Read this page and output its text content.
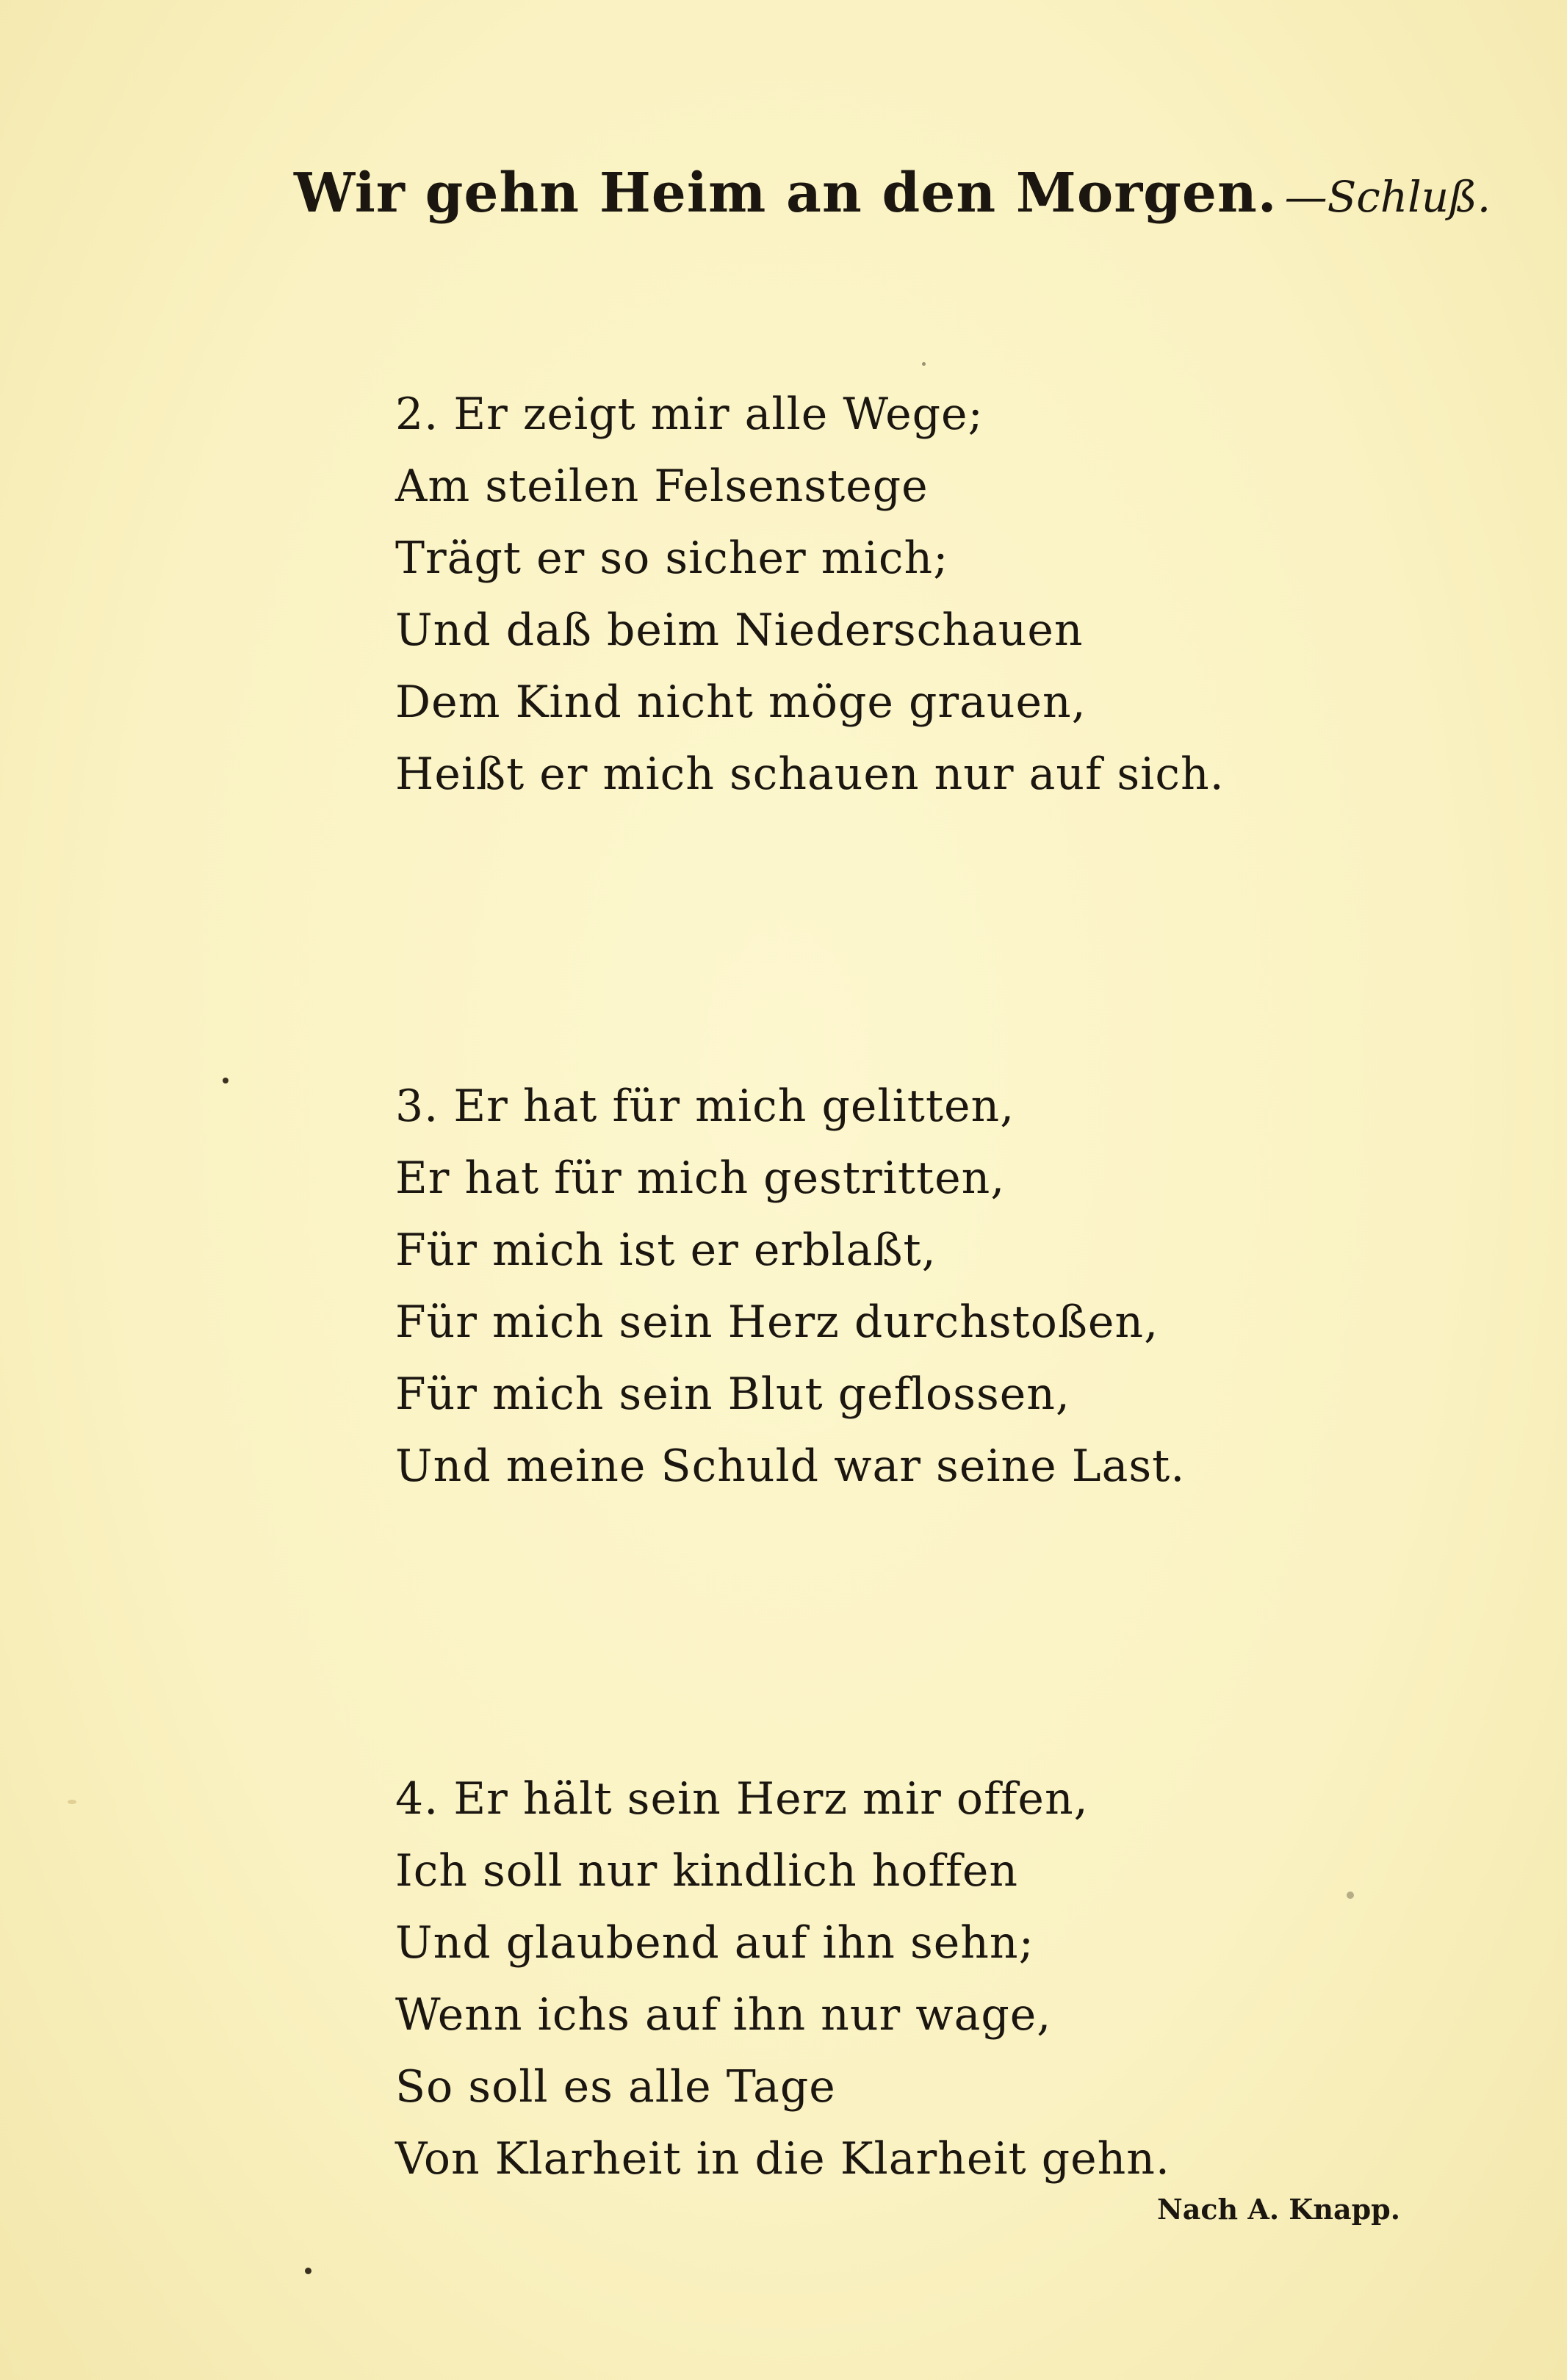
Wir gehn Heim an den Morgen. —Schluß.
2. Er zeigt mir alle Wege;
Am steilen Felsenstege
Trägt er so sicher mich;
Und daß beim Niederschauen
Dem Kind nicht möge grauen,
Heißt er mich schauen nur auf sich.
3. Er hat für mich gelitten,
Er hat für mich gestritten,
Für mich ist er erblaßt,
Für mich sein Herz durchstoßen,
Für mich sein Blut geflossen,
Und meine Schuld war seine Last.
4. Er hält sein Herz mir offen,
Ich soll nur kindlich hoffen
Und glaubend auf ihn sehn;
Wenn ichs auf ihn nur wage,
So soll es alle Tage
Von Klarheit in die Klarheit gehn.
Nach A. Knapp.
